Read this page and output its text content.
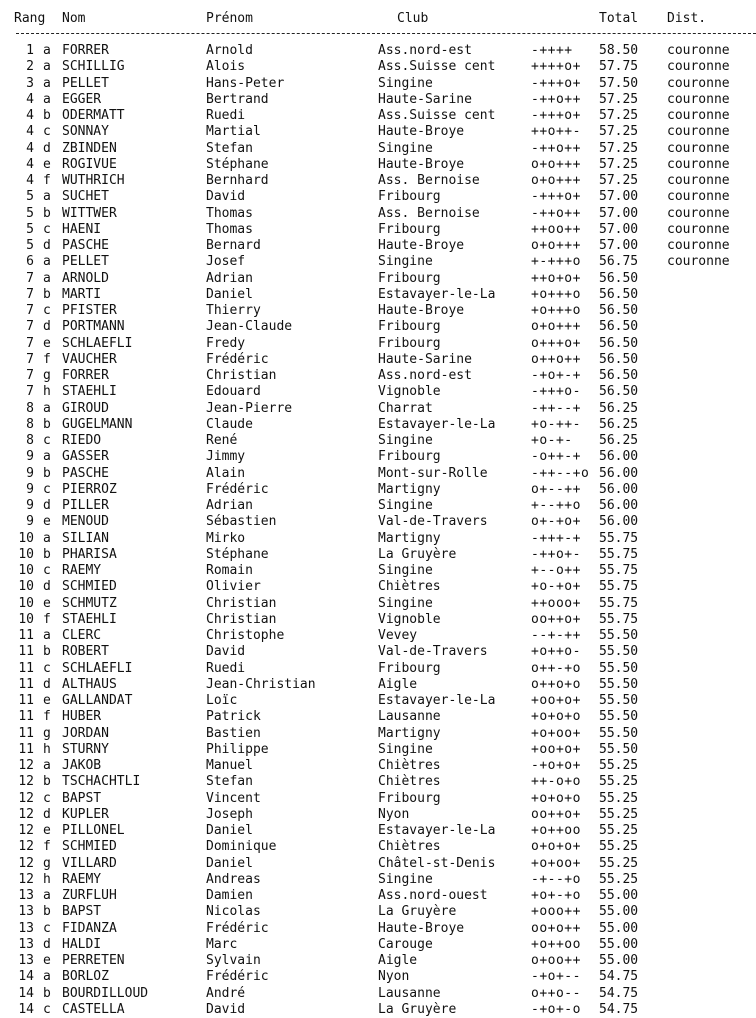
Rang Nom	Prénom	Club	Total Dist.
1 a FORRER	Arnold	Ass.nord-est	-++++ 58.50 couronne
2 a SCHILLIG	Alois	Ass.Suisse cent	++++o+ 57.75 couronne
3 a PELLET	Hans-Peter	Singine	-+++o+ 57.50 couronne
4 a EGGER	Bertrand	Haute-Sarine	-++o++ 57.25 couronne
4 b ODERMATT	Ruedi	Ass.Suisse cent	-+++o+ 57.25 couronne
4 c SONNAY	Martial	Haute-Broye	++o++- 57.25 couronne
4 d ZBINDEN	Stefan	Singine	-++o++ 57.25 couronne
4 e ROGIVUE	Stéphane	Haute-Broye	o+o+++ 57.25 couronne
4 f WUTHRICH	Bernhard	Ass. Bernoise	o+o+++ 57.25 couronne
5 a SUCHET	David	Fribourg	-+++o+ 57.00 couronne
5 b WITTWER	Thomas	Ass. Bernoise	-++o++ 57.00 couronne
5 c HAENI	Thomas	Fribourg	++oo++ 57.00 couronne
5 d PASCHE	Bernard	Haute-Broye	o+o+++ 57.00 couronne
6 a PELLET	Josef	Singine	+-+++o 56.75 couronne
7 a ARNOLD	Adrian	Fribourg	++o+o+ 56.50
7 b MARTI	Daniel	Estavayer-le-La	+o+++o 56.50
7 c PFISTER	Thierry	Haute-Broye	+o+++o 56.50
7 d PORTMANN	Jean-Claude	Fribourg	o+o+++ 56.50
7 e SCHLAEFLI	Fredy	Fribourg	o+++o+ 56.50
7 f VAUCHER	Frédéric	Haute-Sarine	o++o++ 56.50
7 g FORRER	Christian	Ass.nord-est	-+o+-+ 56.50
7 h STAEHLI	Edouard	Vignoble	-+++o- 56.50
8 a GIROUD	Jean-Pierre	Charrat	-++--+ 56.25
8 b GUGELMANN	Claude	Estavayer-le-La	+o-++- 56.25
8 c RIEDO	René	Singine	+o-+- 56.25
9 a GASSER	Jimmy	Fribourg	-o++-+ 56.00
9 b PASCHE	Alain	Mont-sur-Rolle	-++--+o 56.00
9 c PIERROZ	Frédéric	Martigny	o+--++ 56.00
9 d PILLER	Adrian	Singine	+--++o 56.00
9 e MENOUD	Sébastien	Val-de-Travers	o+-+o+ 56.00
10 a SILIAN	Mirko	Martigny	-+++-+ 55.75
10 b PHARISA	Stéphane	La Gruyère	-++o+- 55.75
10 c RAEMY	Romain	Singine	+--o++ 55.75
10 d SCHMIED	Olivier	Chiètres	+o-+o+ 55.75
10 e SCHMUTZ	Christian	Singine	++ooo+ 55.75
10 f STAEHLI	Christian	Vignoble	oo++o+ 55.75
11 a CLERC	Christophe	Vevey	--+-++ 55.50
11 b ROBERT	David	Val-de-Travers	+o++o- 55.50
11 c SCHLAEFLI	Ruedi	Fribourg	o++-+o 55.50
11 d ALTHAUS	Jean-Christian	Aigle	o++o+o 55.50
11 e GALLANDAT	Loïc	Estavayer-le-La	+oo+o+ 55.50
11 f HUBER	Patrick	Lausanne	+o+o+o 55.50
11 g JORDAN	Bastien	Martigny	+o+oo+ 55.50
11 h STURNY	Philippe	Singine	+oo+o+ 55.50
12 a JAKOB	Manuel	Chiètres	-+o+o+ 55.25
12 b TSCHACHTLI	Stefan	Chiètres	++-o+o 55.25
12 c BAPST	Vincent	Fribourg	+o+o+o 55.25
12 d KUPLER	Joseph	Nyon	oo++o+ 55.25
12 e PILLONEL	Daniel	Estavayer-le-La	+o++oo 55.25
12 f SCHMIED	Dominique	Chiètres	o+o+o+ 55.25
12 g VILLARD	Daniel	Châtel-st-Denis	+o+oo+ 55.25
12 h RAEMY	Andreas	Singine	-+--+o 55.25
13 a ZURFLUH	Damien	Ass.nord-ouest	+o+-+o 55.00
13 b BAPST	Nicolas	La Gruyère	+ooo++ 55.00
13 c FIDANZA	Frédéric	Haute-Broye	oo+o++ 55.00
13 d HALDI	Marc	Carouge	+o++oo 55.00
13 e PERRETEN	Sylvain	Aigle	o+oo++ 55.00
14 a BORLOZ	Frédéric	Nyon	-+o+-- 54.75
14 b BOURDILLOUD	André	Lausanne	o++o-- 54.75
14 c CASTELLA	David	La Gruyère	-+o+-o 54.75
